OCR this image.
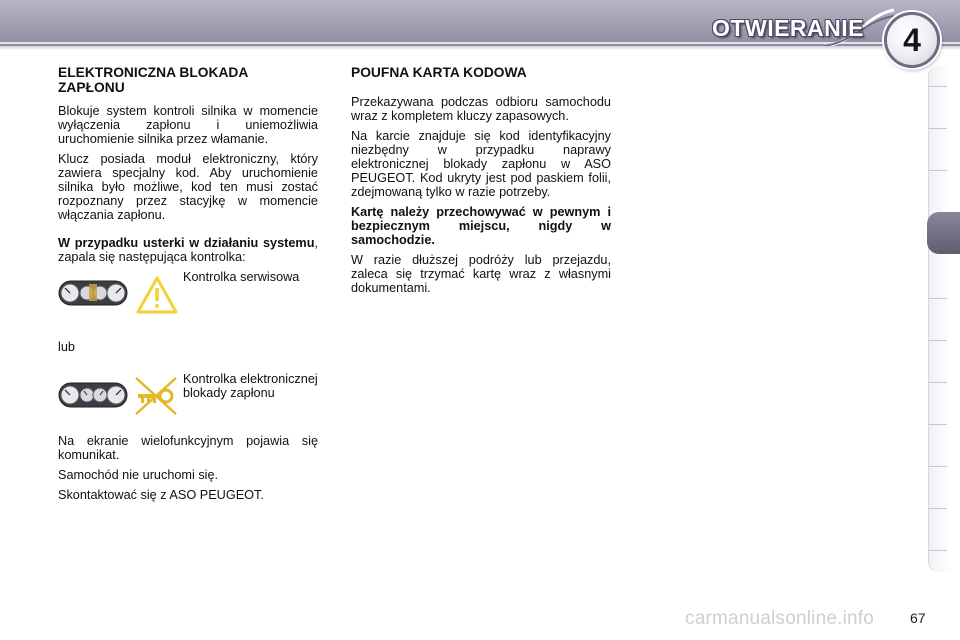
OTWIERANIE 4
ELEKTRONICZNA BLOKADA ZAPŁONU

Blokuje system kontroli silnika w momencie wyłączenia zapłonu i uniemożliwia uruchomienie silnika przez włamanie.

Klucz posiada moduł elektroniczny, który zawiera specjalny kod. Aby uruchomienie silnika było możliwe, kod ten musi zostać rozpoznany przez stacyjkę w momencie włączania zapłonu.

W przypadku usterki w działaniu systemu, zapala się następująca kontrolka:

Kontrolka serwisowa
lub
Kontrolka elektronicznej blokady zapłonu

Na ekranie wielofunkcyjnym pojawia się komunikat.

Samochód nie uruchomi się.

Skontaktować się z ASO PEUGEOT.

POUFNA KARTA KODOWA

Przekazywana podczas odbioru samochodu wraz z kompletem kluczy zapasowych.

Na karcie znajduje się kod identyfikacyjny niezbędny w przypadku naprawy elektronicznej blokady zapłonu w ASO PEUGEOT. Kod ukryty jest pod paskiem folii, zdejmowaną tylko w razie potrzeby.

Kartę należy przechowywać w pewnym i bezpiecznym miejscu, nigdy w samochodzie.

W razie dłuższej podróży lub przejazdu, zaleca się trzymać kartę wraz z własnymi dokumentami.

carmanualsonline.info	67
